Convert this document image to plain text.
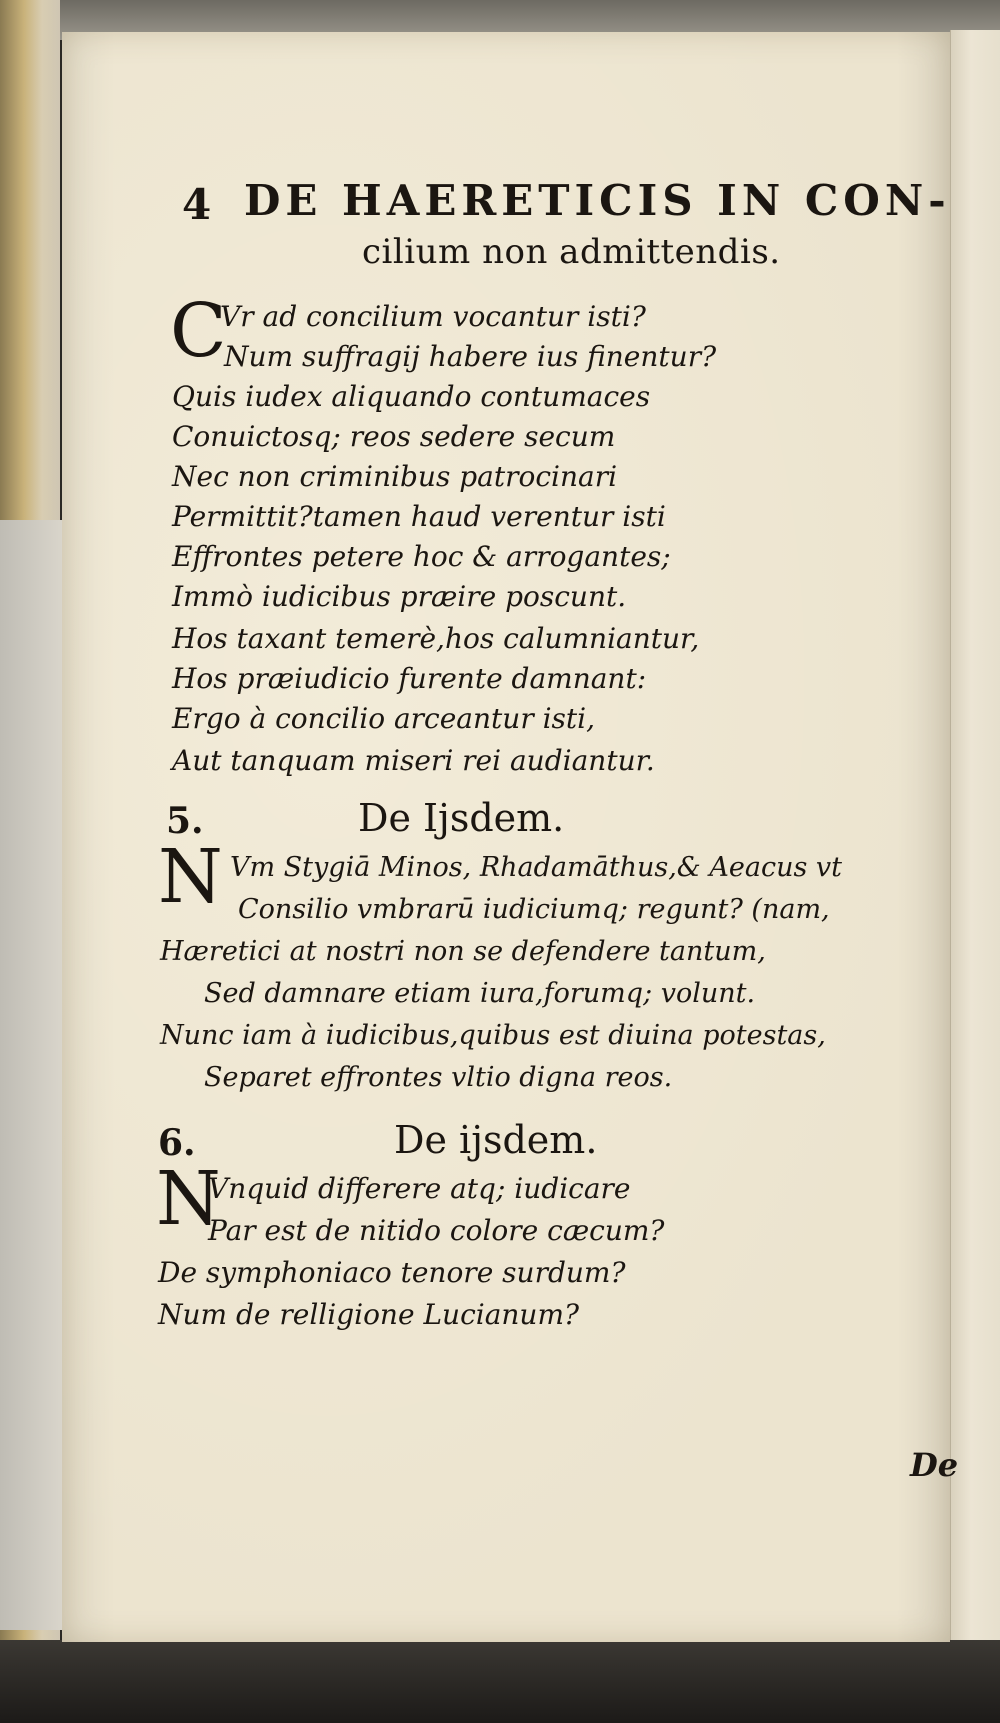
4 DE HAERETICIS IN CON-
cilium non admittendis.
C
Vr ad concilium vocantur isti?
Num suffragij habere ius finentur?
Quis iudex aliquando contumaces
Conuictosq; reos sedere secum
Nec non criminibus patrocinari
Permittit?tamen haud verentur isti
Effrontes petere hoc & arrogantes;
Immò iudicibus præire poscunt.
Hos taxant temerè,hos calumniantur,
Hos præiudicio furente damnant:
Ergo à concilio arceantur isti,
Aut tanquam miseri rei audiantur.
5.	De Ijsdem.
N Vm Stygiā Minos, Rhadamāthus,& Aeacus vt
Consilio vmbrarū iudiciumq; regunt? (nam,
Hæretici at nostri non se defendere tantum,
Sed damnare etiam iura,forumq; volunt.
Nunc iam à iudicibus,quibus est diuina potestas,
Separet effrontes vltio digna reos.
6.	De ijsdem.
N
Vnquid differere atq; iudicare
Par est de nitido colore cæcum?
De symphoniaco tenore surdum?
Num de relligione Lucianum?
De
